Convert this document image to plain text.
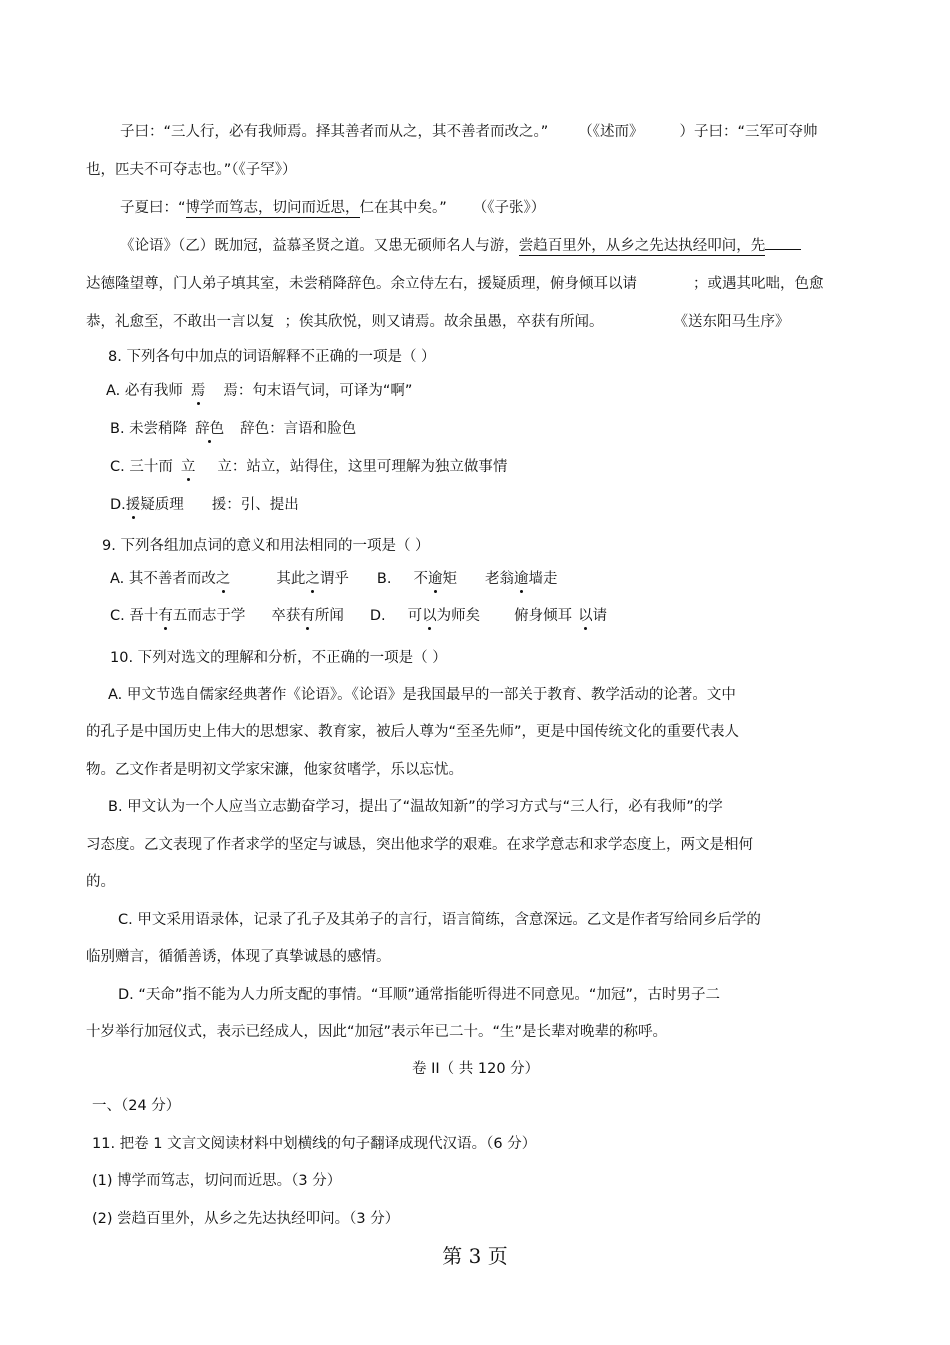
子曰：“三人行，必有我师焉。择其善者而从之，其不善者而改之。” （《述而》 ）子曰：“三军可夺帅
也，匹夫不可夺志也。”（《子罕》）
子夏曰：“博学而笃志，切问而近思，仁在其中矣。” （《子张》）
《论语》（乙）既加冠，益慕圣贤之道。又患无硕师名人与游，尝趋百里外，从乡之先达执经叩问，先
达德隆望尊，门人弟子填其室，未尝稍降辞色。余立侍左右，援疑质理，俯身倾耳以请	；或遇其叱咄，色愈
恭，礼愈至，不敢出一言以复 ；俟其欣悦，则又请焉。故余虽愚，卒获有所闻。	《送东阳马生序》
8. 下列各句中加点的词语解释不正确的一项是（ ）
A. 必有我师 焉 焉：句末语气词，可译为“啊”
B. 未尝稍降 辞色 辞色：言语和脸色
C. 三十而 立 立：站立，站得住，这里可理解为独立做事情
D.援疑质理 援：引、提出
9. 下列各组加点词的意义和用法相同的一项是（ ）
A. 其不善者而改之	其此之谓乎 B. 不逾矩 老翁逾墙走
C. 吾十有五而志于学 卒获有所闻 D. 可以为师矣 俯身倾耳 以请
10. 下列对选文的理解和分析，不正确的一项是（ ）
A. 甲文节选自儒家经典著作《论语》。《论语》是我国最早的一部关于教育、教学活动的论著。文中
的孔子是中国历史上伟大的思想家、教育家，被后人尊为“至圣先师”，更是中国传统文化的重要代表人
物。乙文作者是明初文学家宋濂，他家贫嗜学，乐以忘忧。
B. 甲文认为一个人应当立志勤奋学习，提出了“温故知新”的学习方式与“三人行，必有我师”的学
习态度。乙文表现了作者求学的坚定与诚恳，突出他求学的艰难。在求学意志和求学态度上，两文是相何
的。
C. 甲文采用语录体，记录了孔子及其弟子的言行，语言简练，含意深远。乙文是作者写给同乡后学的
临别赠言，循循善诱，体现了真挚诚恳的感情。
D. “天命”指不能为人力所支配的事情。“耳顺”通常指能听得进不同意见。“加冠”，古时男子二
十岁举行加冠仪式，表示已经成人，因此“加冠”表示年已二十。“生”是长辈对晚辈的称呼。
卷 II（ 共 120 分）
一、（24 分）
11. 把卷 1 文言文阅读材料中划横线的句子翻译成现代汉语。（6 分）
(1) 博学而笃志，切问而近思。（3 分）
(2) 尝趋百里外，从乡之先达执经叩问。（3 分）
第 3 页
